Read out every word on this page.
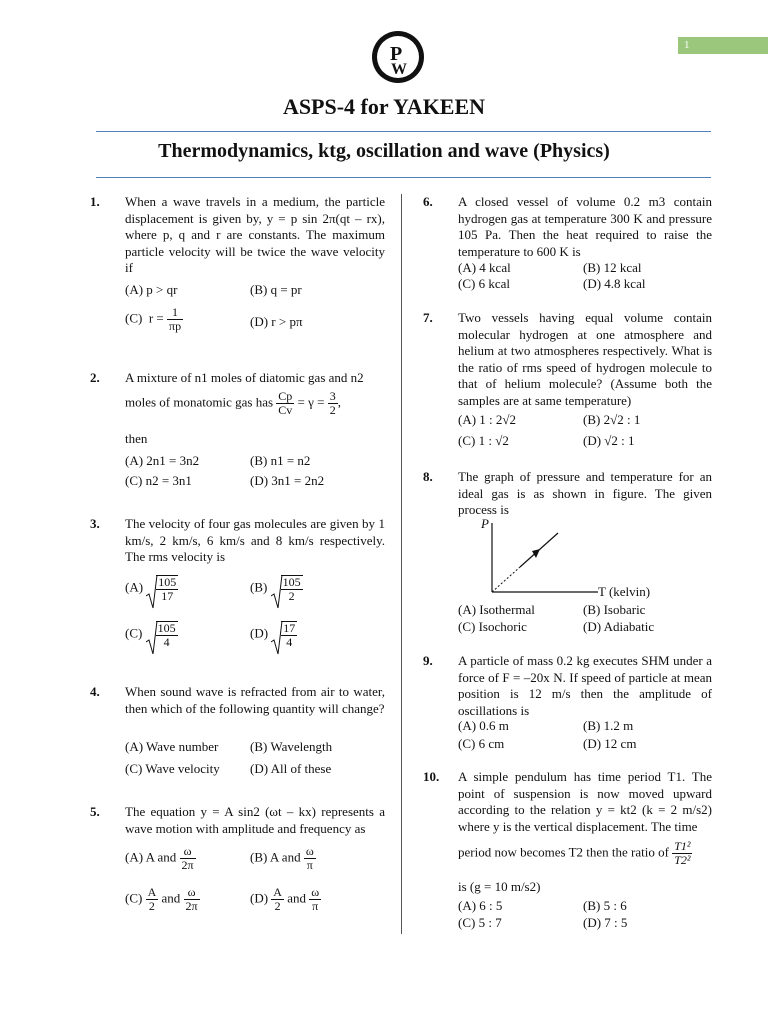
1
P
W
ASPS-4 for YAKEEN
Thermodynamics, ktg, oscillation and wave (Physics)
1. When a wave travels in a medium, the particle displacement is given by, y = p sin 2π(qt – rx), where p, q and r are constants. The maximum particle velocity will be twice the wave velocity if
(A) p > qr	(B) q = pr
(C) $r = \frac{1}{\pi p}$	(D) r > pπ
2. A mixture of n1 moles of diatomic gas and n2
moles of monatomic gas has $\frac{Cp}{Cv} = \gamma = \frac{3}{2}$ ,
then
(A) 2n1 = 3n2	(B) n1 = n2
(C) n2 = 3n1	(D) 3n1 = 2n2
3. The velocity of four gas molecules are given by 1 km/s, 2 km/s, 6 km/s and 8 km/s respectively. The rms velocity is
$(A) \frac{105}{17}$	$(B) \frac{105}{2}$
$(C) \frac{105}{4}$	$(D) \frac{17}{4}$
4. When sound wave is refracted from air to water, then which of the following quantity will change?
(A) Wave number (B) Wavelength
(C) Wave velocity (D) All of these
5. The equation y = A sin2 (ωt – kx) represents a wave motion with amplitude and frequency as
(A) A and $\frac{\omega}{2\pi}$	(B) A and $\frac{\omega}{\pi}$
$(C) \frac{A}{2}$ and $\frac{\omega}{2\pi}$	$(D) \frac{A}{2}$ and $\frac{\omega}{\pi}$
6. A closed vessel of volume 0.2 m3 contain hydrogen gas at temperature 300 K and pressure 105 Pa. Then the heat required to raise the temperature to 600 K is
(A) 4 kcal	(B) 12 kcal
(C) 6 kcal	(D) 4.8 kcal
7. Two vessels having equal volume contain molecular hydrogen at one atmosphere and helium at two atmospheres respectively. What is the ratio of rms speed of hydrogen molecule to that of helium molecule? (Assume both the samples are at same temperature)
(A) 1 : 2√2	(B) 2√2 : 1
(C) 1 : √2	(D) √2 : 1
8. The graph of pressure and temperature for an ideal gas is as shown in figure. The given process is
P
T (kelvin)
(A) Isothermal	(B) Isobaric
(C) Isochoric	(D) Adiabatic
9. A particle of mass 0.2 kg executes SHM under a force of F = –20x N. If speed of particle at mean position is 12 m/s then the amplitude of oscillations is
(A) 0.6 m	(B) 1.2 m
(C) 6 cm	(D) 12 cm
10. A simple pendulum has time period T1. The point of suspension is now moved upward according to the relation y = kt2 (k = 2 m/s2) where y is the vertical displacement. The time
period now becomes T2 then the ratio of $\frac{\text{T1²}}{\text{T2²}}$
is (g = 10 m/s2)
(A) 6 : 5	(B) 5 : 6
(C) 5 : 7	(D) 7 : 5
